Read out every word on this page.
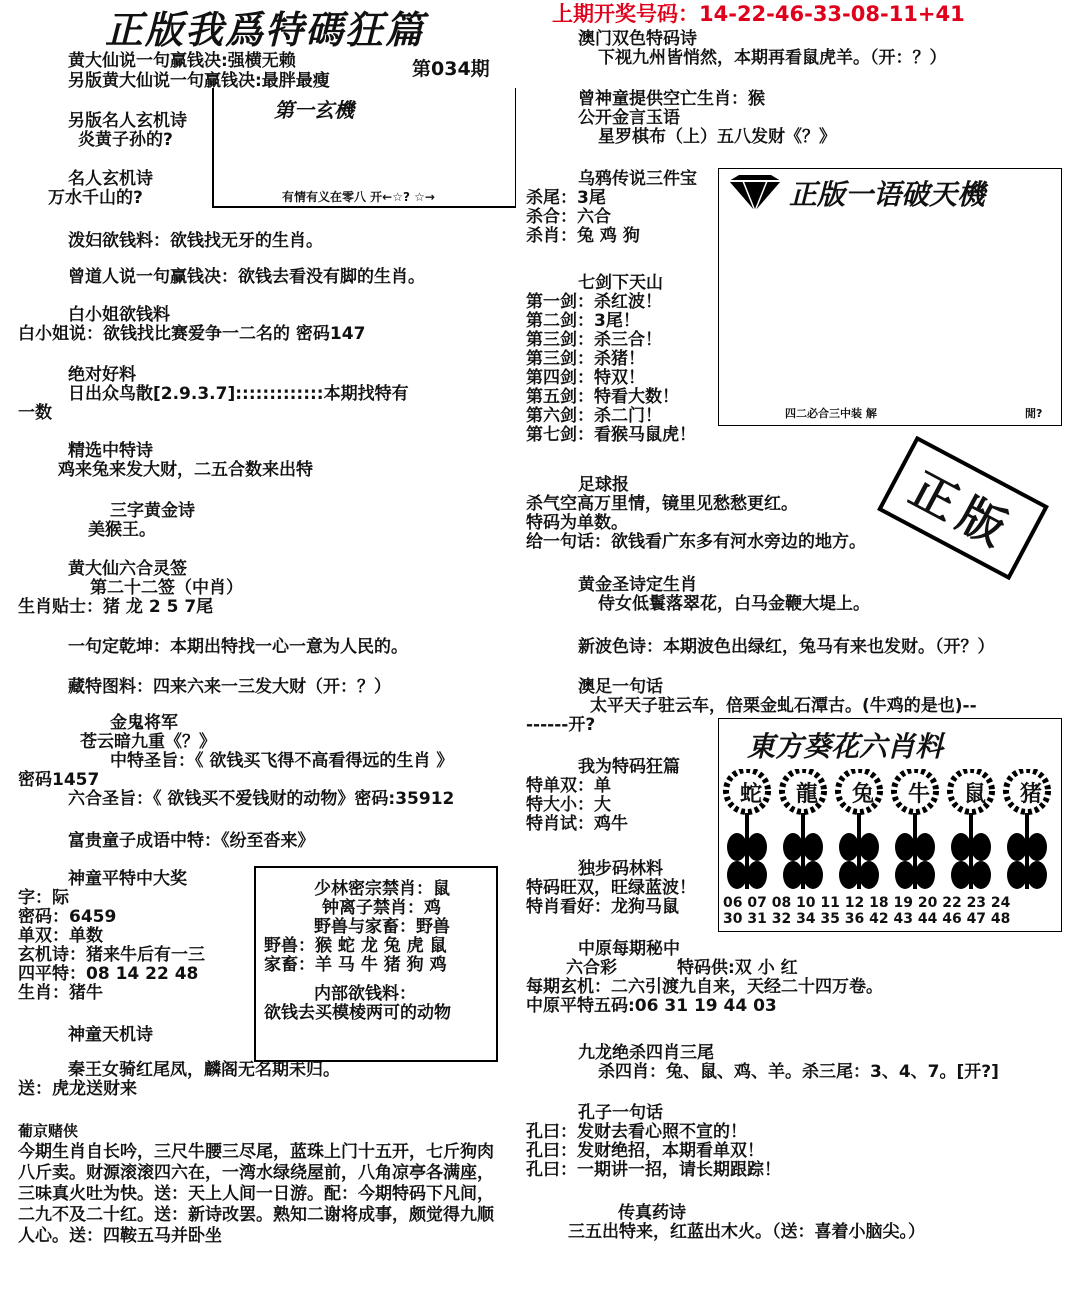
正版我爲特碼狂篇	上期开奖号码：14-22-46-33-08-11+41
第034期
黄大仙说一句赢钱决:强横无赖
另版黄大仙说一句赢钱决:最胖最瘦
第一玄機
有情有义在零八 开←☆? ☆→
另版名人玄机诗
炎黄子孙的?
名人玄机诗
万水千山的?
泼妇欲钱料：欲钱找无牙的生肖。
曾道人说一句赢钱决：欲钱去看没有脚的生肖。
白小姐欲钱料
白小姐说：欲钱找比赛爱争一二名的 密码147
绝对好料
日出众鸟散[2.9.3.7]:::::::::::::本期找特有
一数
精选中特诗
鸡来兔来发大财，二五合数来出特
三字黄金诗
美猴王。
黄大仙六合灵签
第二十二签（中肖）
生肖贴士：猪 龙 2 5 7尾
一句定乾坤：本期出特找一心一意为人民的。
藏特图料：四来六来一三发大财（开：？）
金鬼将军
苍云暗九重《？》
中特圣旨：《 欲钱买飞得不高看得远的生肖 》
密码1457
六合圣旨：《 欲钱买不爱钱财的动物》密码:35912
富贵童子成语中特：《纷至沓来》
神童平特中大奖
字：际
密码：6459
单双：单数
玄机诗：猪来牛后有一三
四平特：08 14 22 48
生肖：猪牛
少林密宗禁肖：鼠
钟离子禁肖：鸡
野兽与家畜：野兽
野兽：猴 蛇 龙 兔 虎 鼠
家畜：羊 马 牛 猪 狗 鸡
内部欲钱料：
欲钱去买模棱两可的动物
神童天机诗
秦王女骑红尾凤，麟阁无名期未归。
送：虎龙送财来
葡京赌侠
今期生肖自长吟，三尺牛腰三尽尾，蓝珠上门十五开，七斤狗肉八斤卖。财源滚滚四六在，一湾水绿绕屋前，八角凉亭各满座，三味真火吐为快。送：天上人间一日游。配：今期特码下凡间，二九不及二十红。送：新诗改罢。熟知二谢将成事，颇觉得九顺人心。送：四鞍五马并卧坐
澳门双色特码诗
下视九州皆悄然，本期再看鼠虎羊。（开：？）
曾神童提供空亡生肖：猴
公开金言玉语
星罗棋布（上）五八发财《？》
乌鸦传说三件宝
杀尾：3尾
杀合：六合
杀肖：兔 鸡 狗
正版一语破天機
四二必合三中装 解	閒?
七剑下天山
第一剑：杀红波！
第二剑：3尾！
第三剑：杀三合！
第三剑：杀猪！
第四剑：特双！
第五剑：特看大数！
第六剑：杀二门！
第七剑：看猴马鼠虎！
正版
足球报
杀气空高万里情，镜里见愁愁更红。
特码为单数。
给一句话：欲钱看广东多有河水旁边的地方。
黄金圣诗定生肖
侍女低鬟落翠花，白马金鞭大堤上。
新波色诗：本期波色出绿红，兔马有来也发财。（开？）
澳足一句话
太平天子驻云车，倍栗金虬石潭古。(牛鸡的是也)--
------开?
東方葵花六肖料
蛇	龍	兔	牛	鼠	猪
06 07 08 10 11 12 18 19 20 22 23 24
30 31 32 34 35 36 42 43 44 46 47 48
我为特码狂篇
特单双：单
特大小：大
特肖试：鸡牛
独步码林料
特码旺双，旺绿蓝波！
特肖看好：龙狗马鼠
中原每期秘中
六合彩	特码供:双 小 红
每期玄机：二六引渡九自来，天经二十四万卷。
中原平特五码:06 31 19 44 03
九龙绝杀四肖三尾
杀四肖：兔、鼠、鸡、羊。杀三尾：3、4、7。[开?]
孔子一句话
孔曰：发财去看心照不宣的！
孔曰：发财绝招，本期看单双！
孔曰：一期讲一招，请长期跟踪！
传真药诗
三五出特来，红蓝出木火。（送：喜着小脑尖。）
